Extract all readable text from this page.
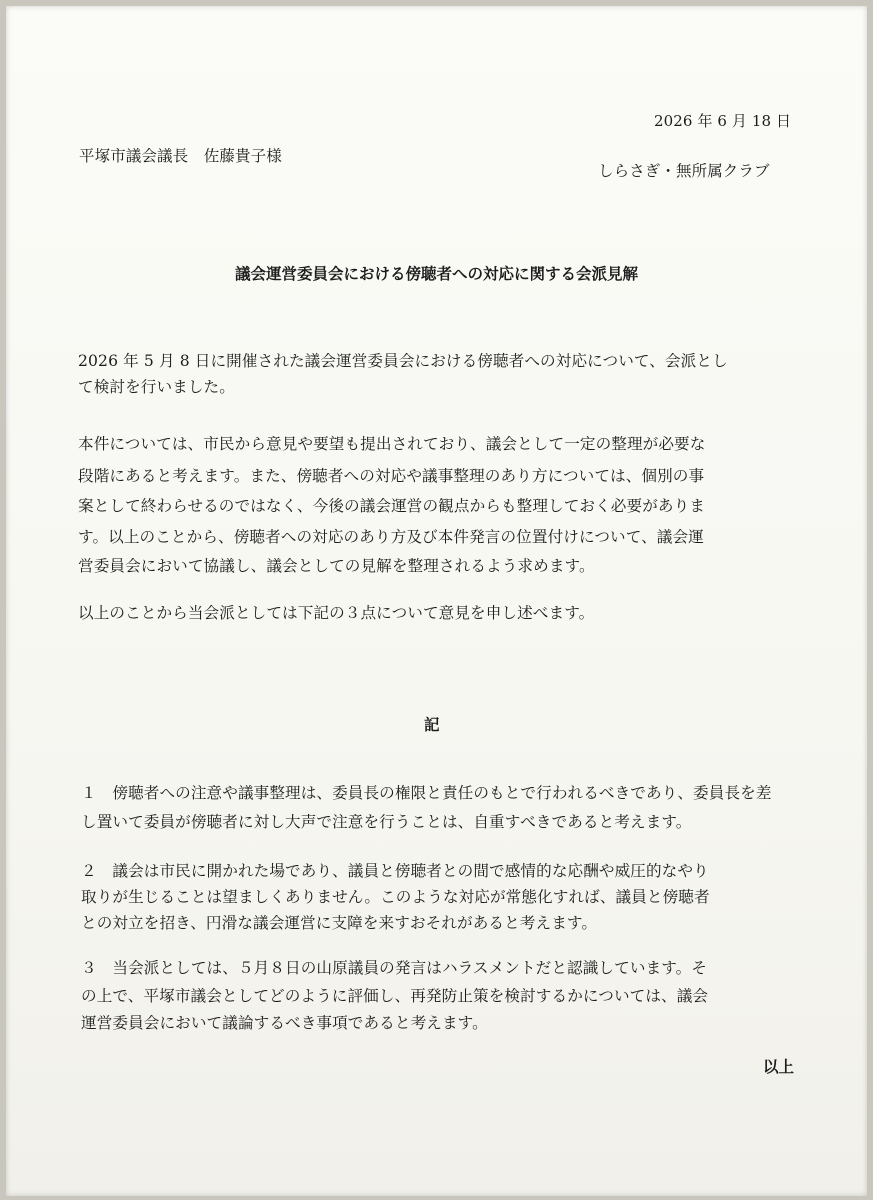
2026 年 6 月 18 日
平塚市議会議長　佐藤貴子様
しらさぎ・無所属クラブ
議会運営委員会における傍聴者への対応に関する会派見解
2026 年 5 月 8 日に開催された議会運営委員会における傍聴者への対応について、会派とし
て検討を行いました。
本件については、市民から意見や要望も提出されており、議会として一定の整理が必要な
段階にあると考えます。また、傍聴者への対応や議事整理のあり方については、個別の事
案として終わらせるのではなく、今後の議会運営の観点からも整理しておく必要がありま
す。以上のことから、傍聴者への対応のあり方及び本件発言の位置付けについて、議会運
営委員会において協議し、議会としての見解を整理されるよう求めます。
以上のことから当会派としては下記の３点について意見を申し述べます。
記
１　傍聴者への注意や議事整理は、委員長の権限と責任のもとで行われるべきであり、委員長を差
し置いて委員が傍聴者に対し大声で注意を行うことは、自重すべきであると考えます。
２　議会は市民に開かれた場であり、議員と傍聴者との間で感情的な応酬や威圧的なやり
取りが生じることは望ましくありません。このような対応が常態化すれば、議員と傍聴者
との対立を招き、円滑な議会運営に支障を来すおそれがあると考えます。
３　当会派としては、５月８日の山原議員の発言はハラスメントだと認識しています。そ
の上で、平塚市議会としてどのように評価し、再発防止策を検討するかについては、議会
運営委員会において議論するべき事項であると考えます。
以上
